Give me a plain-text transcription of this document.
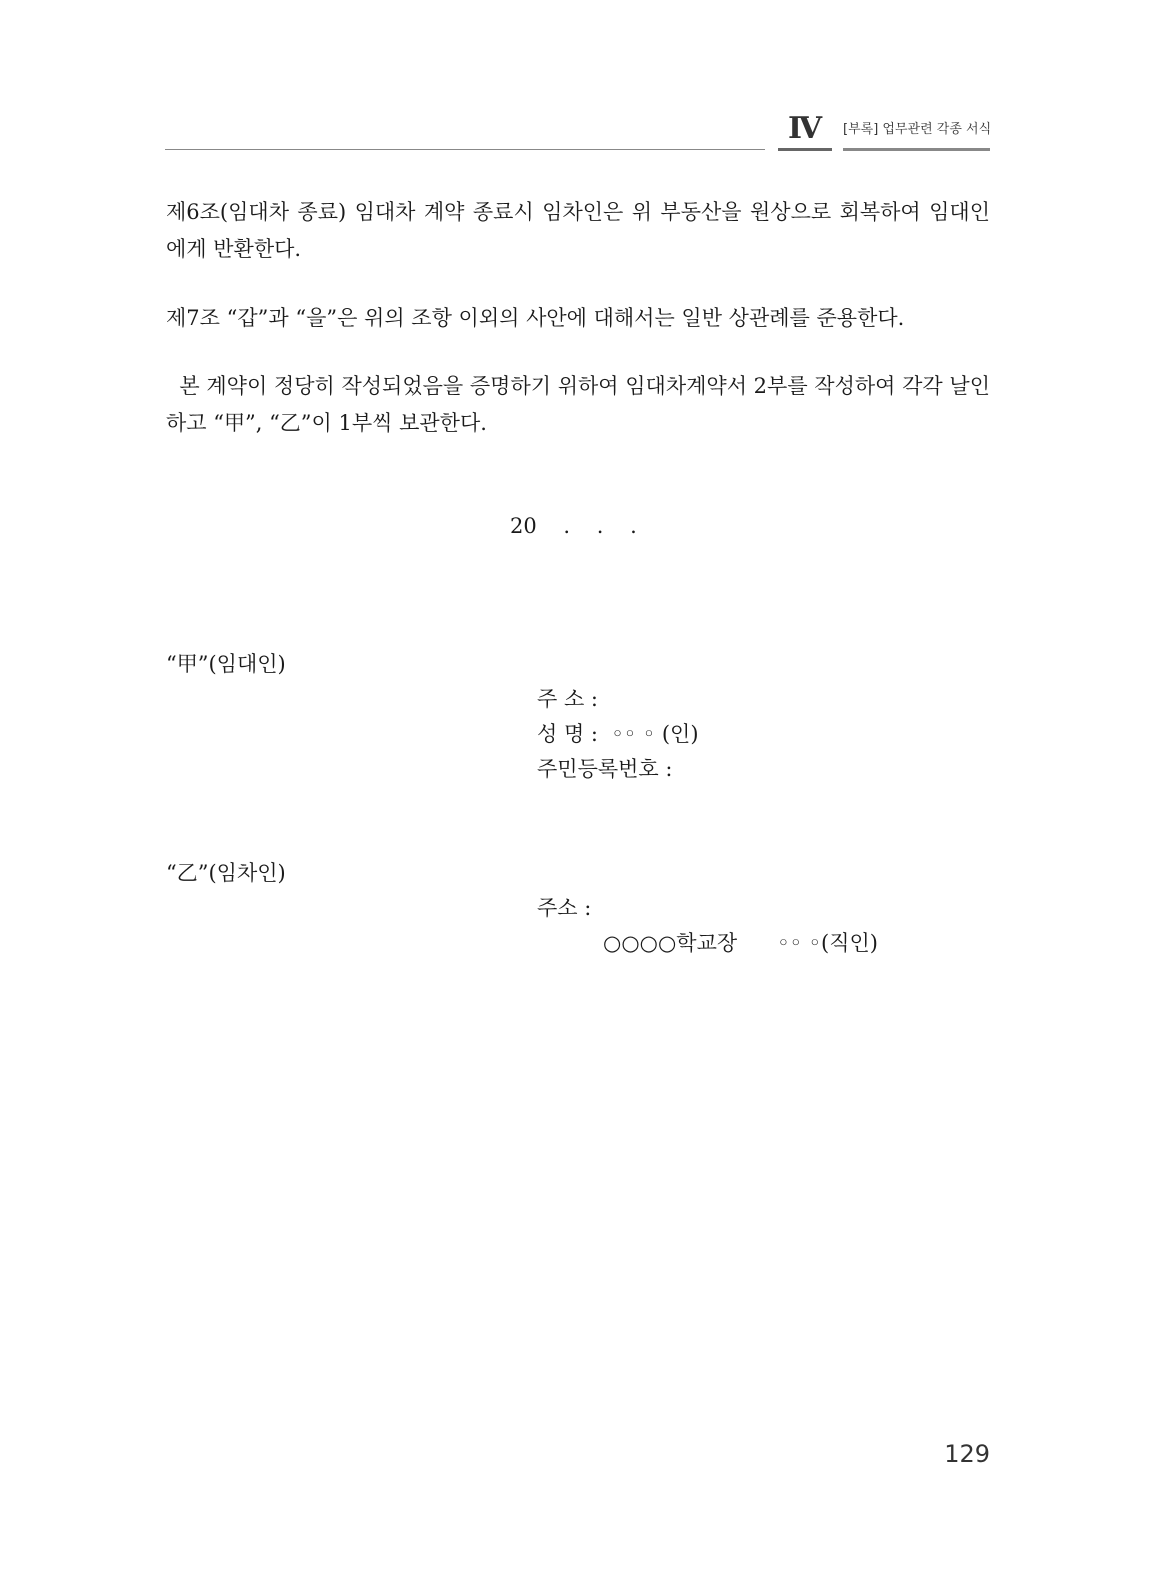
Ⅳ	[부록] 업무관련 각종 서식
제6조(임대차 종료) 임대차 계약 종료시 임차인은 위 부동산을 원상으로 회복하여 임대인에게 반환한다.
제7조 “갑”과 “을”은 위의 조항 이외의 사안에 대해서는 일반 상관례를 준용한다.
본 계약이 정당히 작성되었음을 증명하기 위하여 임대차계약서 2부를 작성하여 각각 날인하고 “甲”, “乙”이 1부씩 보관한다.
20    .    .    .
“甲”(임대인)
주 소 :
성 명 :  ◦◦ ◦ (인)
주민등록번호 :
“乙”(임차인)
주소 :
○○○○학교장      ◦◦ ◦(직인)
129
